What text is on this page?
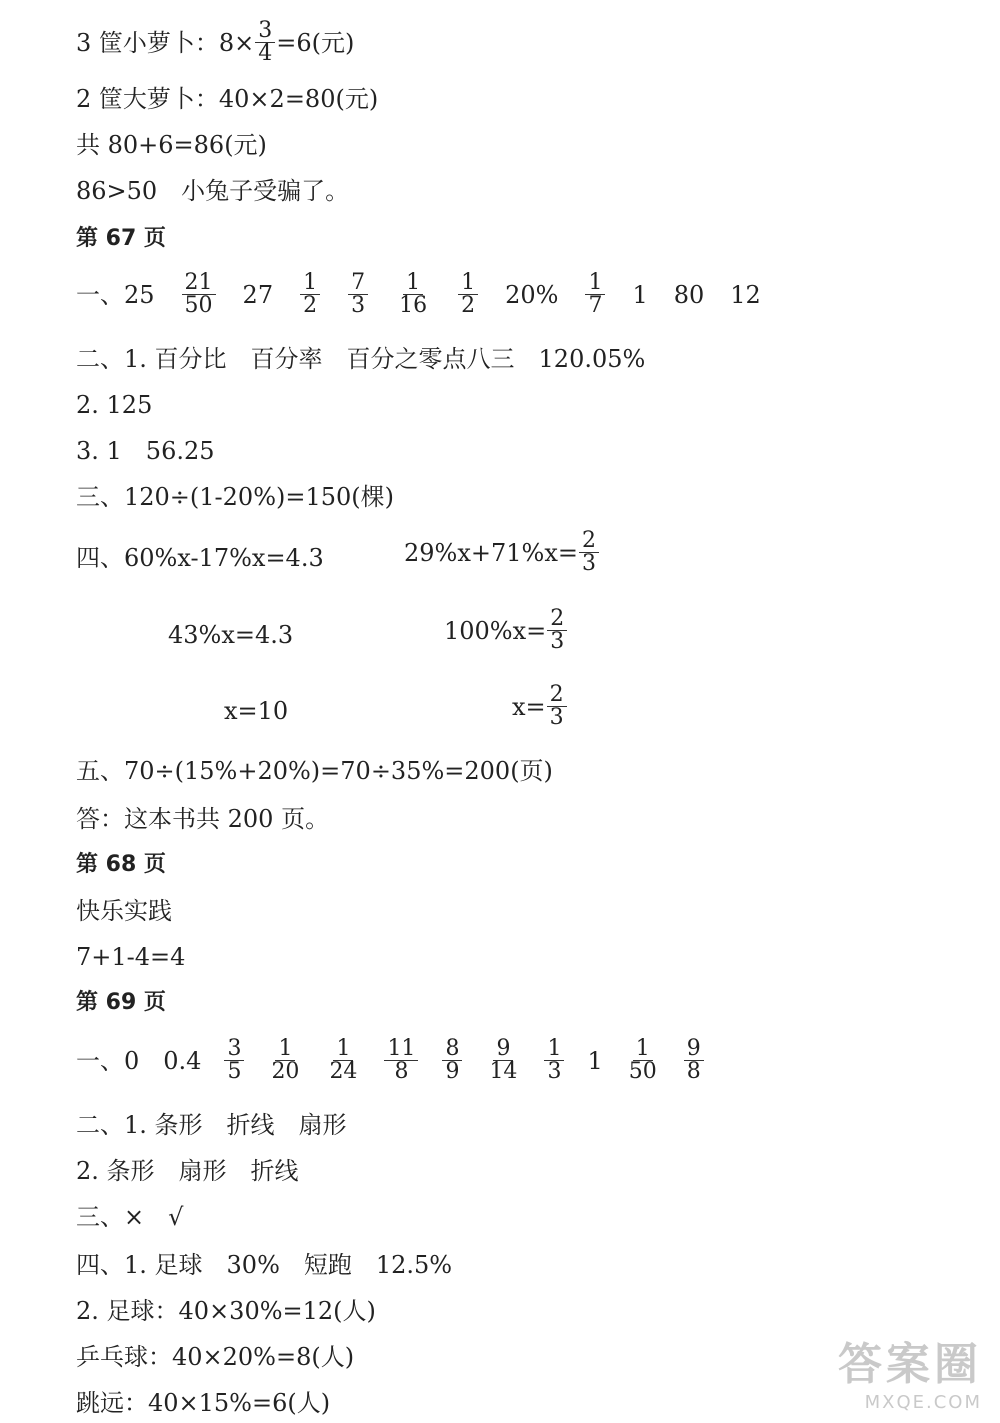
3 筐小萝卜：$8\times \frac{3}{4} =6$(元)
2 筐大萝卜：40×2=80(元)
共 80+6=86(元)
86>50　小兔子受骗了。
第 67 页
一、$25 \frac{21}{50} 27 \frac{1}{2} \frac{7}{3} \frac{1}{16} \frac{1}{2} 20\% \frac{1}{7} 1$ 80 12
二、1. 百分比　百分率　百分之零点八三　120.05%
2. 125
3. 1　56.25
三、120÷(1-20%)=150(棵)
四、60%x-17%x=4.3	$29\%x+71\%x= \frac{2}{3}$
43%x=4.3	$100\%x= \frac{2}{3}$
x=10	$x= \frac{2}{3}$
五、70÷(15%+20%)=70÷35%=200(页)
答：这本书共 200 页。
第 68 页
快乐实践
7+1-4=4
第 69 页
一、0　$0.4 \frac{3}{5} \frac{1}{20} \frac{1}{24} \frac{11}{8} \frac{8}{9} \frac{9}{14} \frac{1}{3} 1 \frac{1}{50} \frac{9}{8}$
二、1. 条形　折线　扇形
2. 条形　扇形　折线
三、×　√
四、1. 足球　30%　短跑　12.5%
2. 足球：40×30%=12(人)
乒乓球：40×20%=8(人)
跳远：40×15%=6(人)
答案圈
MXQE.COM
